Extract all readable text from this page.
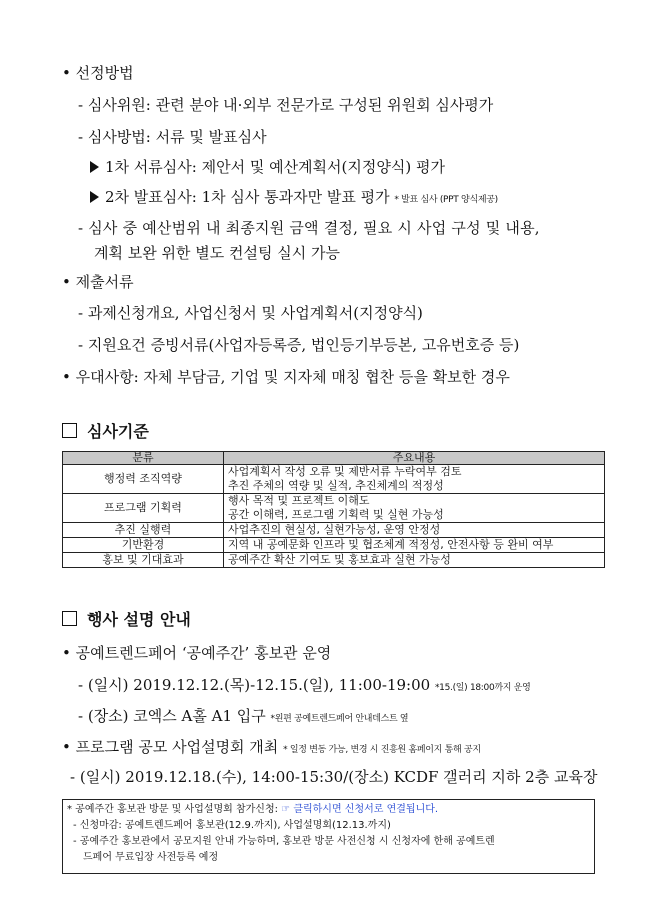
• 선정방법
- 심사위원: 관련 분야 내·외부 전문가로 구성된 위원회 심사평가
- 심사방법: 서류 및 발표심사
1차 서류심사: 제안서 및 예산계획서(지정양식) 평가
2차 발표심사: 1차 심사 통과자만 발표 평가 * 발표 심사 (PPT 양식제공)
- 심사 중 예산범위 내 최종지원 금액 결정, 필요 시 사업 구성 및 내용,
계획 보완 위한 별도 컨설팅 실시 가능
• 제출서류
- 과제신청개요, 사업신청서 및 사업계획서(지정양식)
- 지원요건 증빙서류(사업자등록증, 법인등기부등본, 고유번호증 등)
• 우대사항: 자체 부담금, 기업 및 지자체 매칭 협찬 등을 확보한 경우
심사기준
분류	주요내용
행정력 조직역량	사업계획서 작성 오류 및 제반서류 누락여부 검토
추진 주체의 역량 및 실적, 추진체계의 적정성

프로그램 기획력	행사 목적 및 프로젝트 이해도
공간 이해력, 프로그램 기획력 및 실현 가능성

추진 실행력	사업추진의 현실성, 실현가능성, 운영 안정성
기반환경	지역 내 공예문화 인프라 및 협조체계 적정성, 안전사항 등 완비 여부
홍보 및 기대효과	공예주간 확산 기여도 및 홍보효과 실현 가능성
행사 설명 안내
• 공예트렌드페어 ‘공예주간’ 홍보관 운영
- (일시) 2019.12.12.(목)-12.15.(일), 11:00-19:00 *15.(일) 18:00까지 운영
- (장소) 코엑스 A홀 A1 입구 *왼편 공예트렌드페어 안내데스트 옆
• 프로그램 공모 사업설명회 개최 * 일정 변동 가능, 변경 시 진흥원 홈페이지 통해 공지
- (일시) 2019.12.18.(수), 14:00-15:30/(장소) KCDF 갤러리 지하 2층 교육장
* 공예주간 홍보관 방문 및 사업설명회 참가신청: ☞ 클릭하시면 신청서로 연결됩니다.
- 신청마감: 공예트렌드페어 홍보관(12.9.까지), 사업설명회(12.13.까지)
- 공예주간 홍보관에서 공모지원 안내 가능하며, 홍보관 방문 사전신청 시 신청자에 한해 공예트렌
드페어 무료입장 사전등록 예정
